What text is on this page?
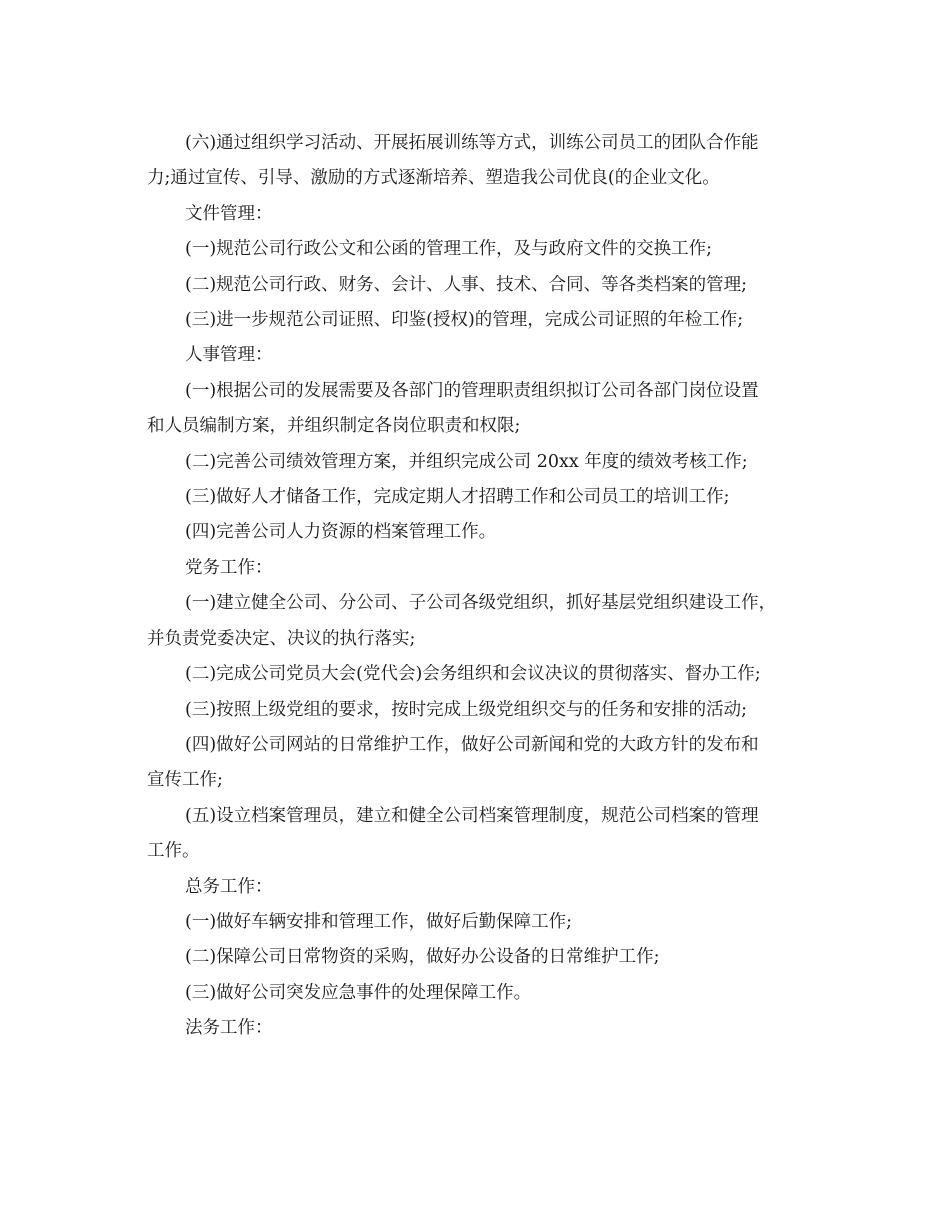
(六)通过组织学习活动、开展拓展训练等方式，训练公司员工的团队合作能
力;通过宣传、引导、激励的方式逐渐培养、塑造我公司优良(的企业文化。

文件管理：

(一)规范公司行政公文和公函的管理工作，及与政府文件的交换工作;

(二)规范公司行政、财务、会计、人事、技术、合同、等各类档案的管理;

(三)进一步规范公司证照、印鉴(授权)的管理，完成公司证照的年检工作;

人事管理：

(一)根据公司的发展需要及各部门的管理职责组织拟订公司各部门岗位设置
和人员编制方案，并组织制定各岗位职责和权限;

(二)完善公司绩效管理方案，并组织完成公司 20xx 年度的绩效考核工作;

(三)做好人才储备工作，完成定期人才招聘工作和公司员工的培训工作;

(四)完善公司人力资源的档案管理工作。

党务工作：

(一)建立健全公司、分公司、子公司各级党组织，抓好基层党组织建设工作，
并负责党委决定、决议的执行落实;

(二)完成公司党员大会(党代会)会务组织和会议决议的贯彻落实、督办工作;

(三)按照上级党组的要求，按时完成上级党组织交与的任务和安排的活动;

(四)做好公司网站的日常维护工作，做好公司新闻和党的大政方针的发布和
宣传工作;

(五)设立档案管理员，建立和健全公司档案管理制度，规范公司档案的管理
工作。

总务工作：

(一)做好车辆安排和管理工作，做好后勤保障工作;

(二)保障公司日常物资的采购，做好办公设备的日常维护工作;

(三)做好公司突发应急事件的处理保障工作。

法务工作：
